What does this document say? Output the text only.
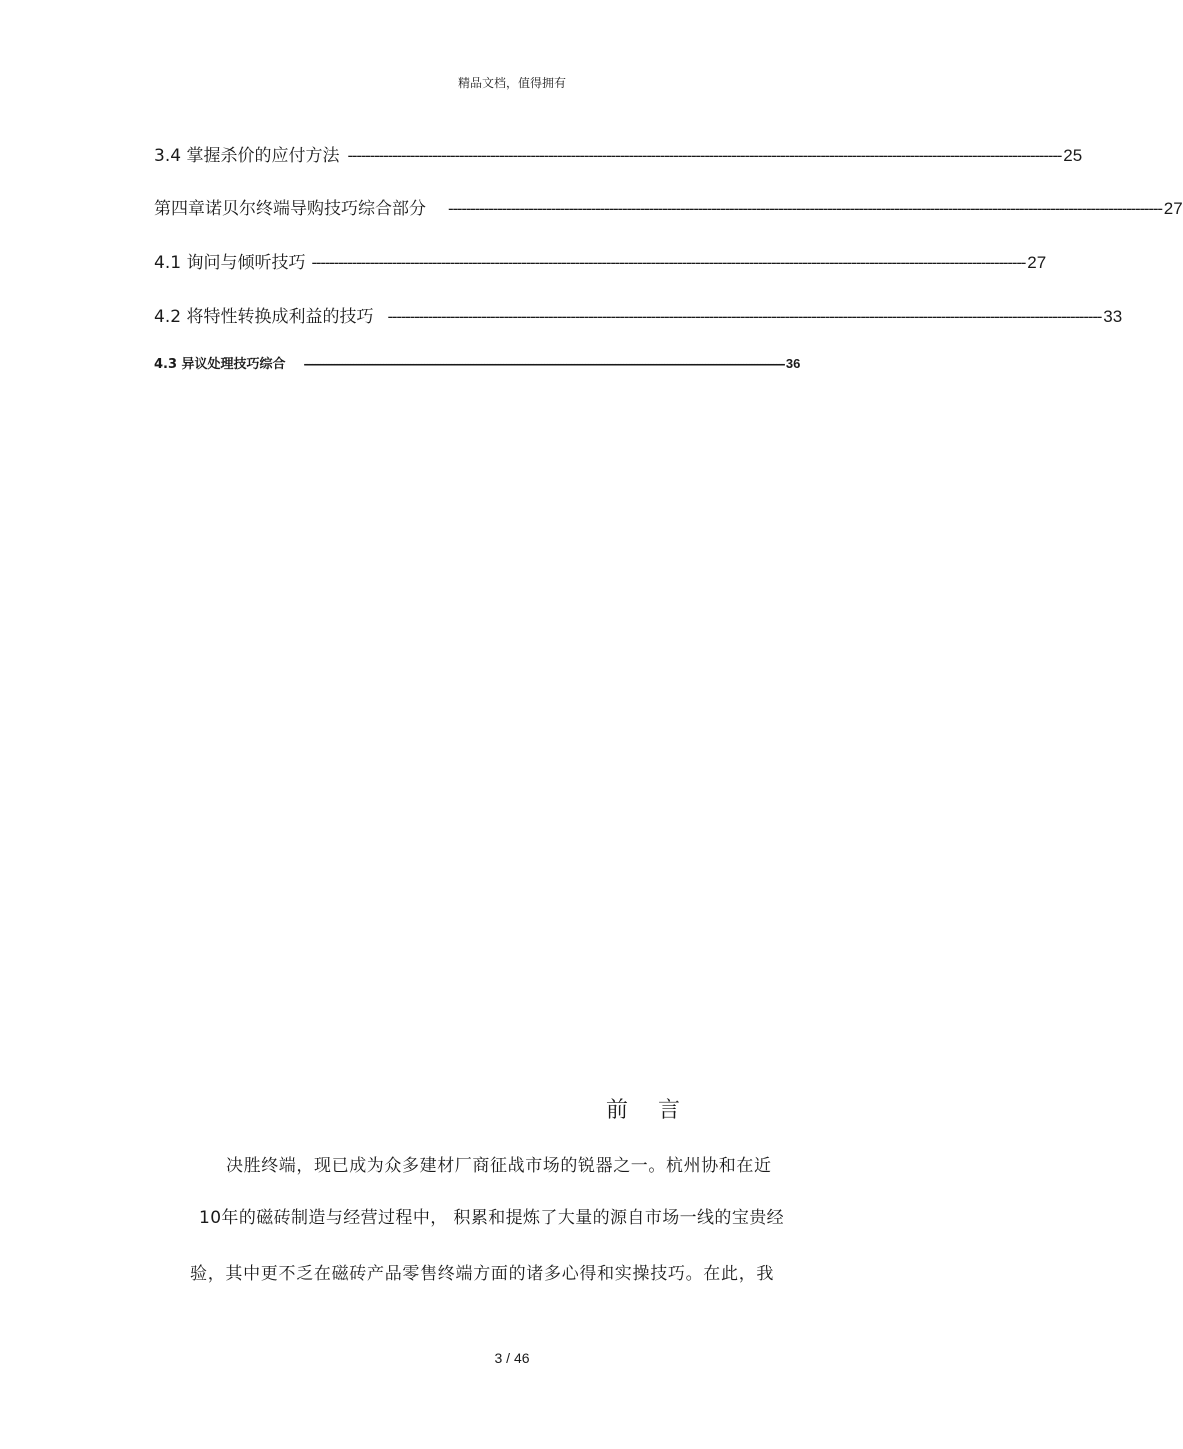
精品文档，值得拥有
3.4 掌握杀价的应付方法 ---------------------------------------------------------------------------------------------------------------------------------------------------------------- 25
第四章诺贝尔终端导购技巧综合部分 ---------------------------------------------------------------------------------------------------------------------------------------------------------------- 27
4.1 询问与倾听技巧 ---------------------------------------------------------------------------------------------------------------------------------------------------------------- 27
4.2 将特性转换成利益的技巧 ---------------------------------------------------------------------------------------------------------------------------------------------------------------- 33
4.3 异议处理技巧综合 -------------------------------------------------------------------------------------------------------------------------------------------------------------------------------- 36
前言
决胜终端，现已成为众多建材厂商征战市场的锐器之一。杭州协和在近
10年的磁砖制造与经营过程中， 积累和提炼了大量的源自市场一线的宝贵经
验，其中更不乏在磁砖产品零售终端方面的诸多心得和实操技巧。在此，我
3 / 46
